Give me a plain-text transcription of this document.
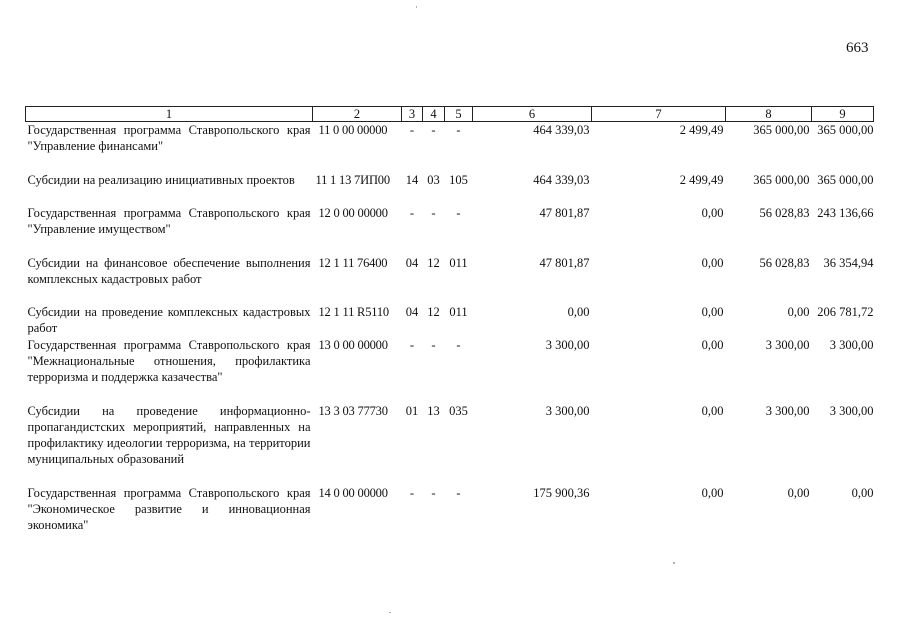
663
1	2	3	4	5	6	7	8	9
Государственная программа Ставропольского края "Управление финансами"	11 0 00 00000	-	-	-	464 339,03	2 499,49	365 000,00	365 000,00
Субсидии на реализацию инициативных проектов	11 1 13 7ИП00	14	03	105	464 339,03	2 499,49	365 000,00	365 000,00
Государственная программа Ставропольского края "Управление имуществом"	12 0 00 00000	-	-	-	47 801,87	0,00	56 028,83	243 136,66
Субсидии на финансовое обеспечение выполнения комплексных кадастровых работ	12 1 11 76400	04	12	011	47 801,87	0,00	56 028,83	36 354,94
Субсидии на проведение комплексных кадастровых работ	12 1 11 R5110	04	12	011	0,00	0,00	0,00	206 781,72
Государственная программа Ставропольского края "Межнациональные отношения, профилактика терроризма и поддержка казачества"	13 0 00 00000	-	-	-	3 300,00	0,00	3 300,00	3 300,00
Субсидии на проведение информационно-пропагандистских мероприятий, направленных на профилактику идеологии терроризма, на территории муниципальных образований	13 3 03 77730	01	13	035	3 300,00	0,00	3 300,00	3 300,00
Государственная программа Ставропольского края "Экономическое развитие и инновационная экономика"	14 0 00 00000	-	-	-	175 900,36	0,00	0,00	0,00
